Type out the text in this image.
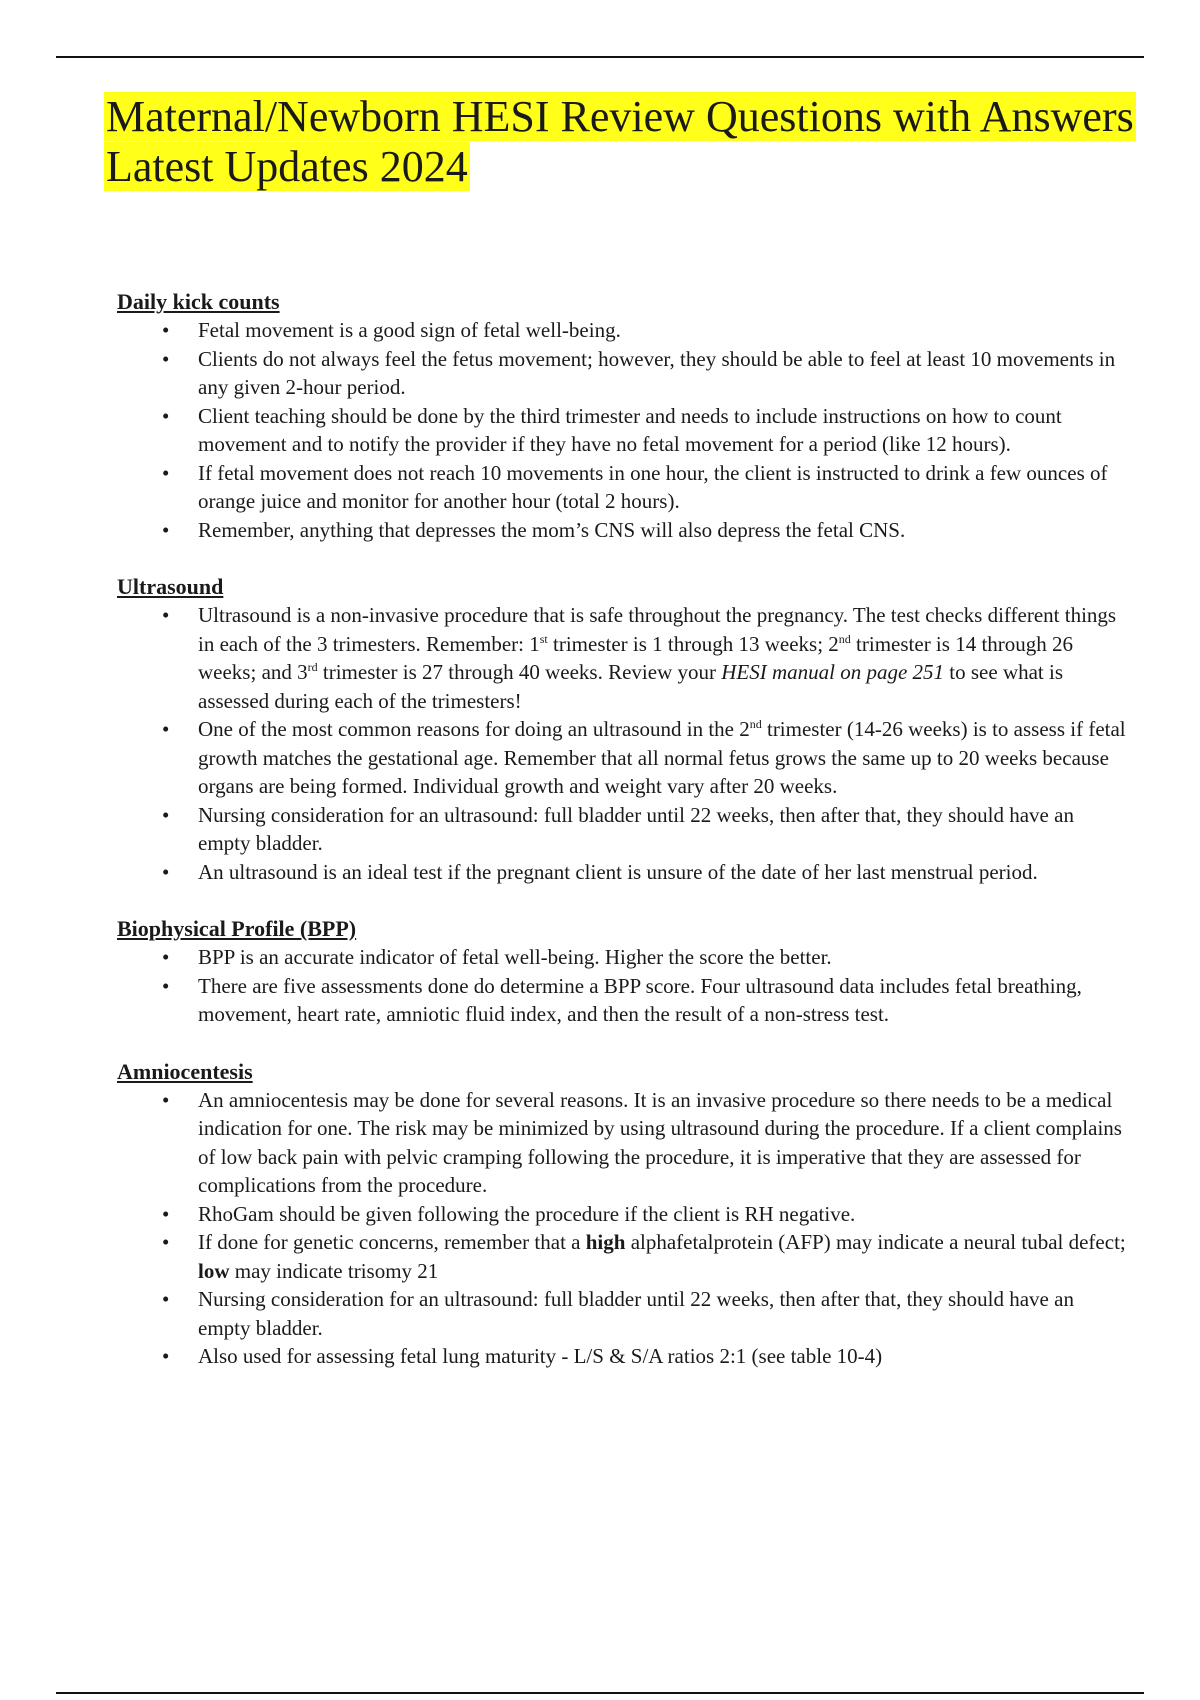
Maternal/Newborn HESI Review Questions with Answers
Latest Updates 2024
Daily kick counts
• Fetal movement is a good sign of fetal well-being.
• Clients do not always feel the fetus movement; however, they should be able to feel at least 10 movements in any given 2-hour period.
• Client teaching should be done by the third trimester and needs to include instructions on how to count movement and to notify the provider if they have no fetal movement for a period (like 12 hours).
• If fetal movement does not reach 10 movements in one hour, the client is instructed to drink a few ounces of orange juice and monitor for another hour (total 2 hours).
• Remember, anything that depresses the mom’s CNS will also depress the fetal CNS.
Ultrasound
• Ultrasound is a non-invasive procedure that is safe throughout the pregnancy. The test checks different things in each of the 3 trimesters. Remember: 1st trimester is 1 through 13 weeks; 2nd trimester is 14 through 26 weeks; and 3rd trimester is 27 through 40 weeks. Review your HESI manual on page 251 to see what is assessed during each of the trimesters!
• One of the most common reasons for doing an ultrasound in the 2nd trimester (14-26 weeks) is to assess if fetal growth matches the gestational age. Remember that all normal fetus grows the same up to 20 weeks because organs are being formed. Individual growth and weight vary after 20 weeks.
• Nursing consideration for an ultrasound: full bladder until 22 weeks, then after that, they should have an empty bladder.
• An ultrasound is an ideal test if the pregnant client is unsure of the date of her last menstrual period.
Biophysical Profile (BPP)
• BPP is an accurate indicator of fetal well-being. Higher the score the better.
• There are five assessments done do determine a BPP score. Four ultrasound data includes fetal breathing, movement, heart rate, amniotic fluid index, and then the result of a non-stress test.
Amniocentesis
• An amniocentesis may be done for several reasons. It is an invasive procedure so there needs to be a medical indication for one. The risk may be minimized by using ultrasound during the procedure. If a client complains of low back pain with pelvic cramping following the procedure, it is imperative that they are assessed for complications from the procedure.
• RhoGam should be given following the procedure if the client is RH negative.
• If done for genetic concerns, remember that a high alphafetalprotein (AFP) may indicate a neural tubal defect; low may indicate trisomy 21
• Nursing consideration for an ultrasound: full bladder until 22 weeks, then after that, they should have an empty bladder.
• Also used for assessing fetal lung maturity - L/S & S/A ratios 2:1 (see table 10-4)
